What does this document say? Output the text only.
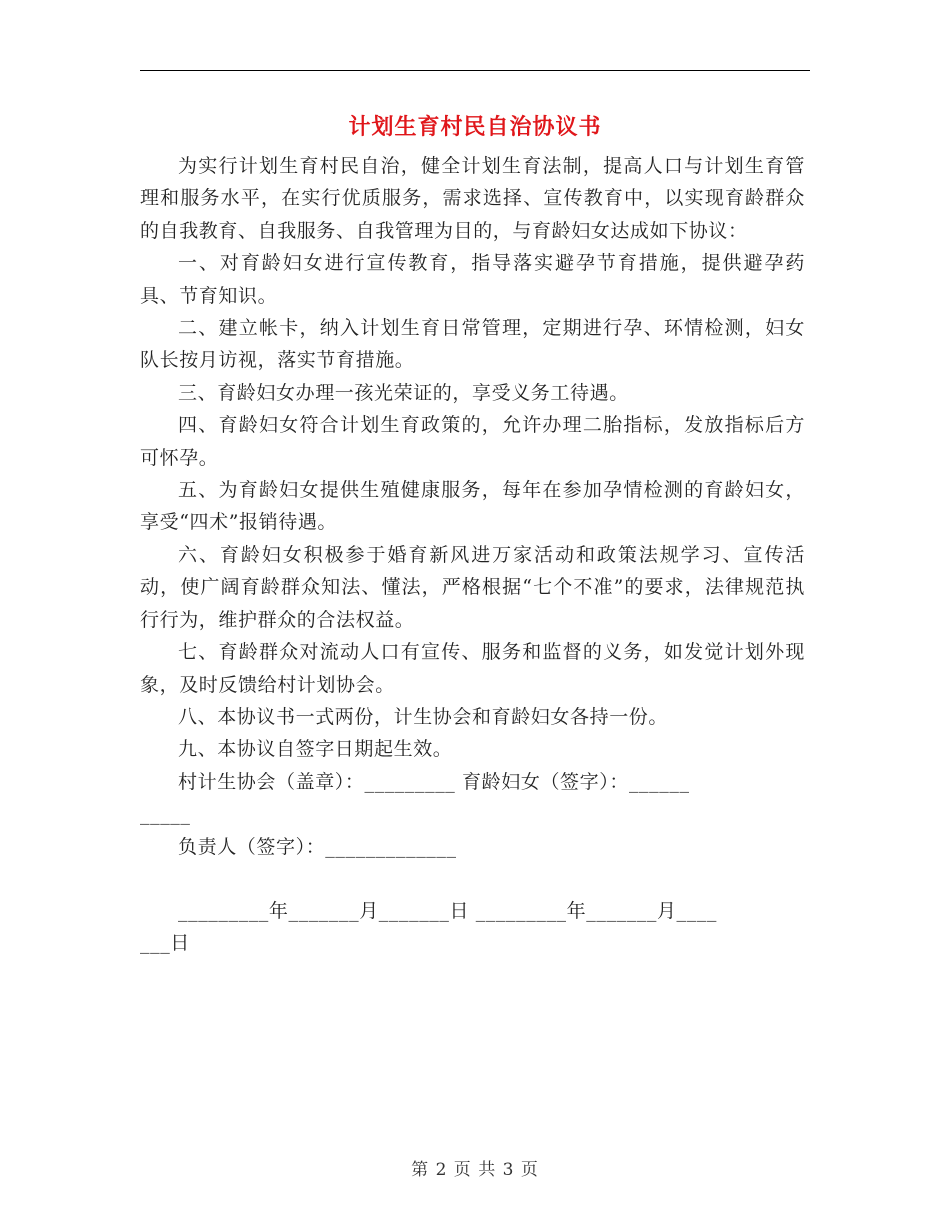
计划生育村民自治协议书

为实行计划生育村民自治，健全计划生育法制，提高人口与计划生育管理和服务水平，在实行优质服务，需求选择、宣传教育中，以实现育龄群众的自我教育、自我服务、自我管理为目的，与育龄妇女达成如下协议：

一、对育龄妇女进行宣传教育，指导落实避孕节育措施，提供避孕药具、节育知识。

二、建立帐卡，纳入计划生育日常管理，定期进行孕、环情检测，妇女队长按月访视，落实节育措施。

三、育龄妇女办理一孩光荣证的，享受义务工待遇。

四、育龄妇女符合计划生育政策的，允许办理二胎指标，发放指标后方可怀孕。

五、为育龄妇女提供生殖健康服务，每年在参加孕情检测的育龄妇女，享受“四术”报销待遇。

六、育龄妇女积极参于婚育新风进万家活动和政策法规学习、宣传活动，使广阔育龄群众知法、懂法，严格根据“七个不准”的要求，法律规范执行行为，维护群众的合法权益。

七、育龄群众对流动人口有宣传、服务和监督的义务，如发觉计划外现象，及时反馈给村计划协会。

八、本协议书一式两份，计生协会和育龄妇女各持一份。

九、本协议自签字日期起生效。

村计生协会（盖章）：_________ 育龄妇女（签字）：______
_____
负责人（签字）：_____________
_________年_______月_______日 _________年_______月____
___日
第 2 页 共 3 页
